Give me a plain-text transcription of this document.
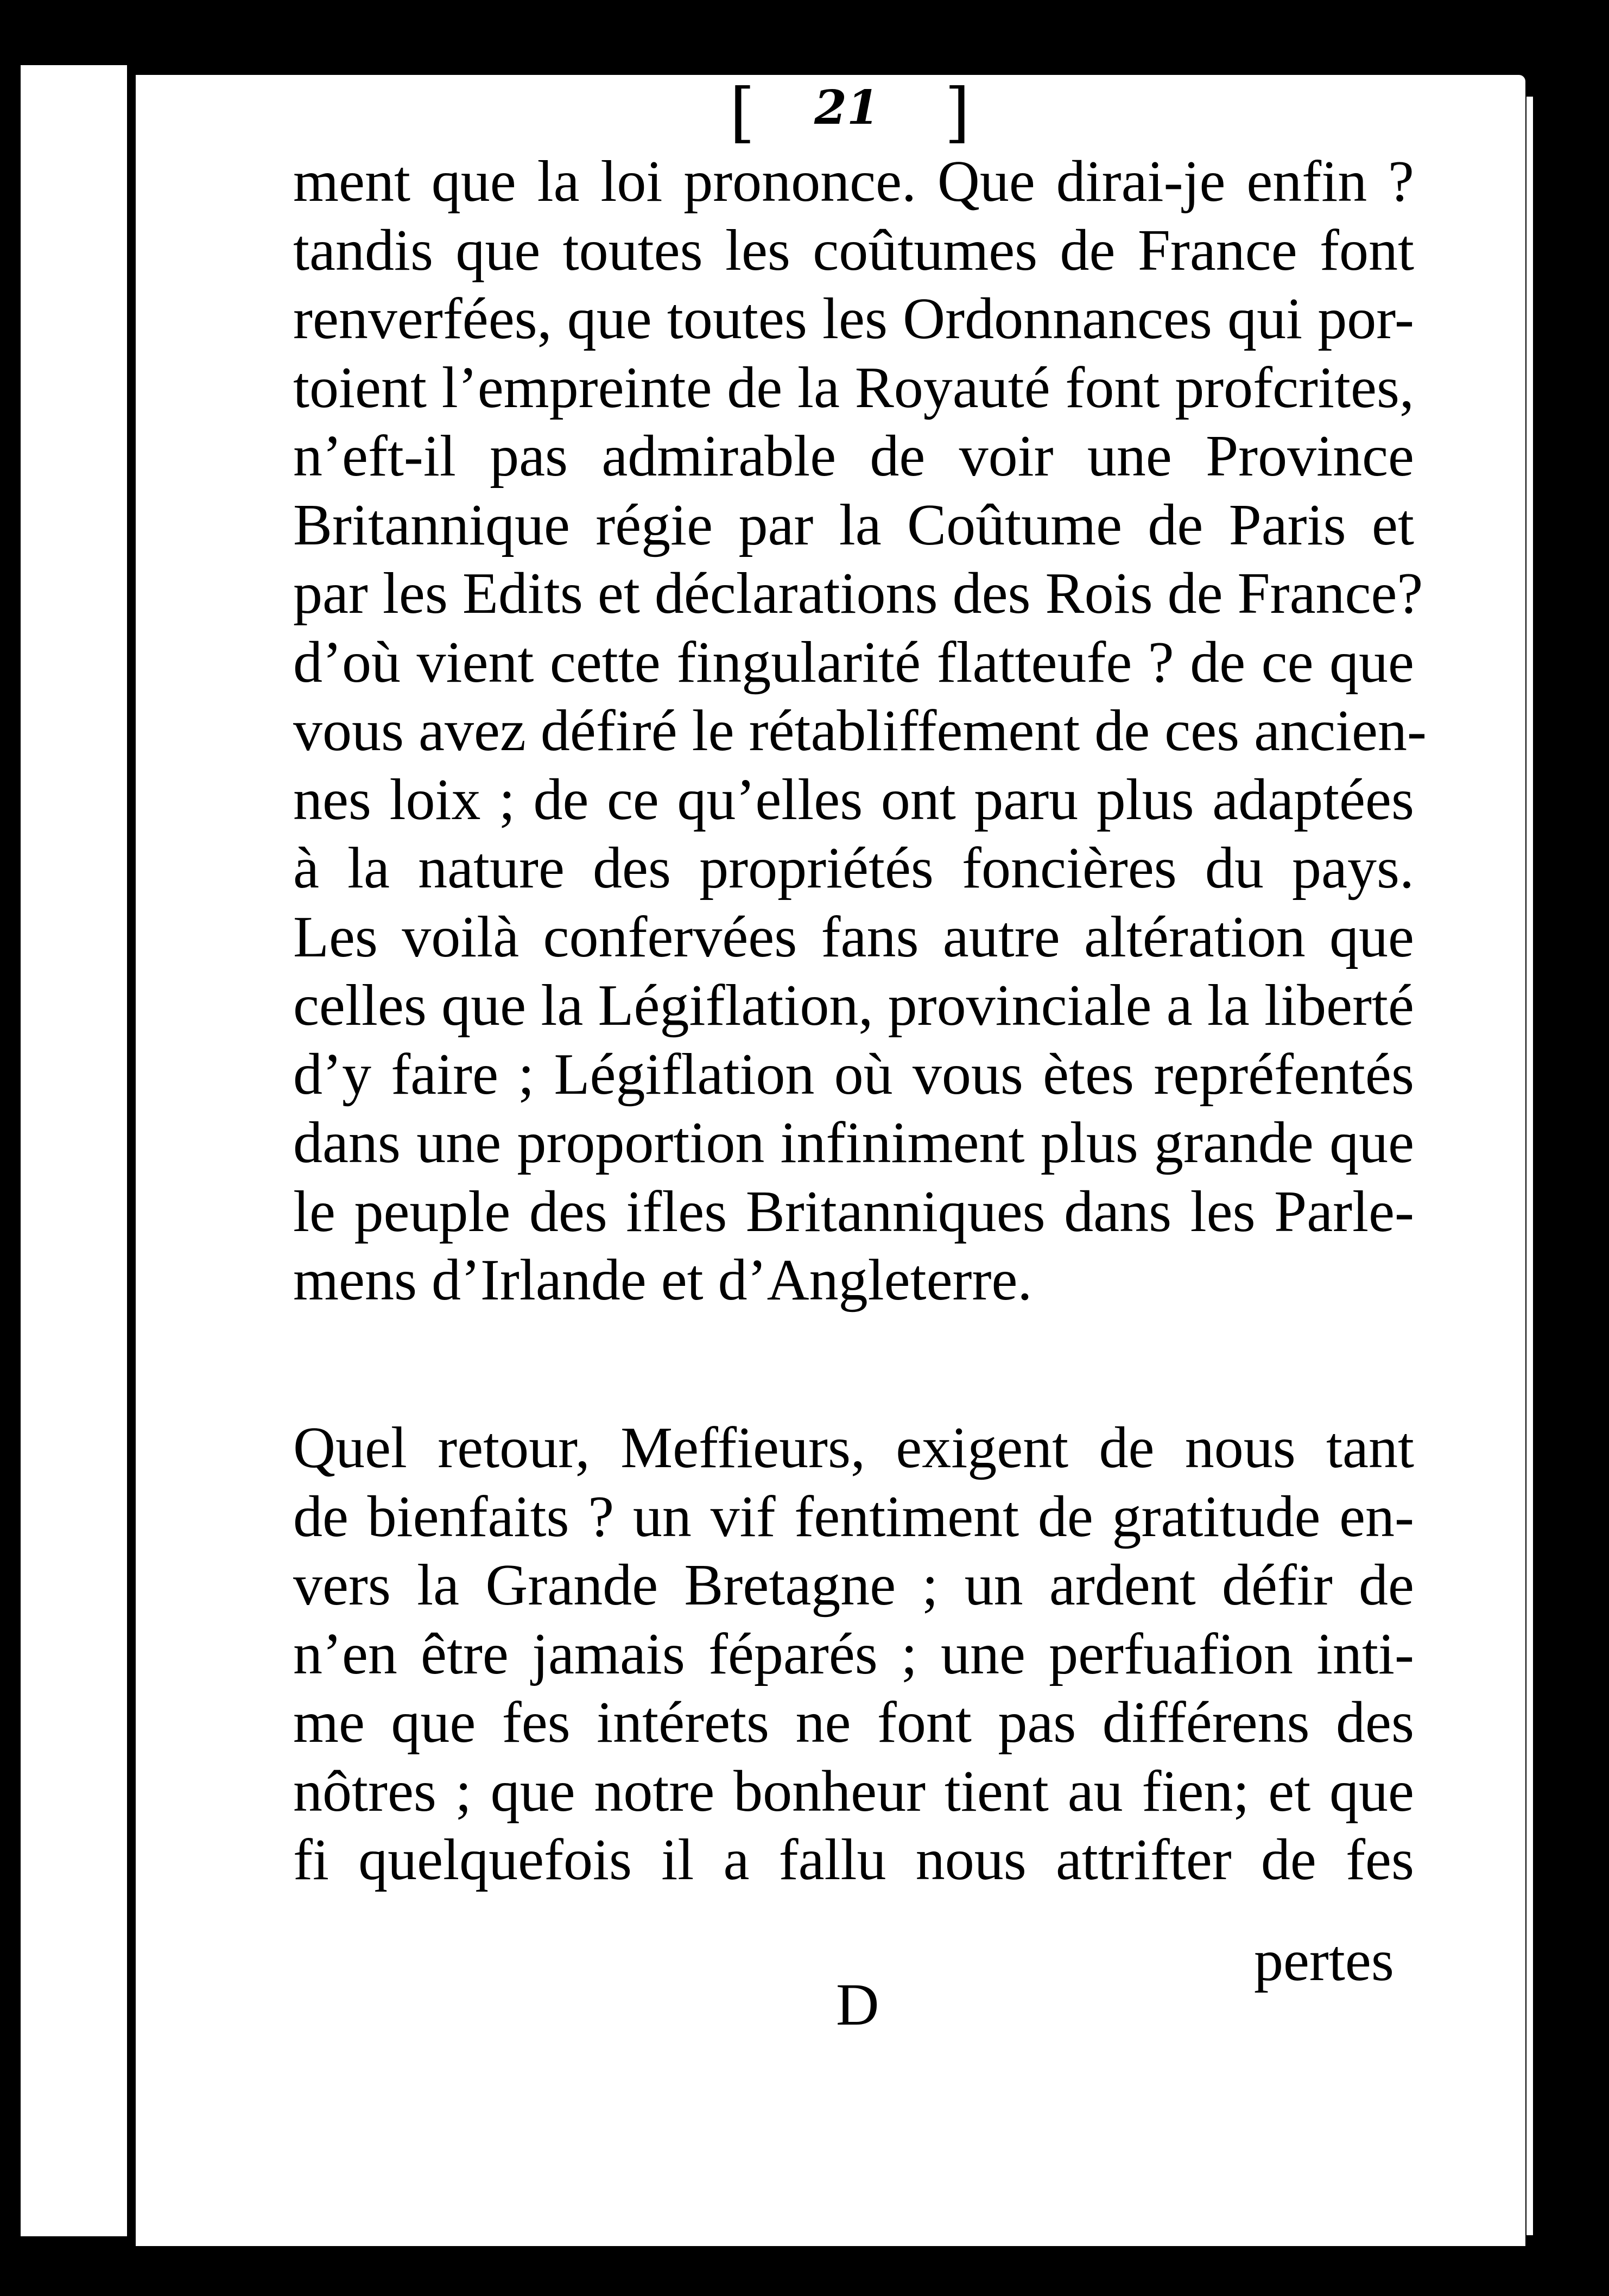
[ 21 ]
ment que la loi prononce. Que dirai-je enfin ?
tandis que toutes les coûtumes de France font
renverfées, que toutes les Ordonnances qui por-
toient l’empreinte de la Royauté font profcrites,
n’eft-il pas admirable de voir une Province
Britannique régie par la Coûtume de Paris et
par les Edits et déclarations des Rois de France?
d’où vient cette fingularité flatteufe ? de ce que
vous avez défiré le rétabliffement de ces ancien-
nes loix ; de ce qu’elles ont paru plus adaptées
à la nature des propriétés foncières du pays.
Les voilà confervées fans autre altération que
celles que la Légiflation, provinciale a la liberté
d’y faire ; Légiflation où vous ètes repréfentés
dans une proportion infiniment plus grande que
le peuple des ifles Britanniques dans les Parle-
mens d’Irlande et d’Angleterre.
Quel retour, Meffieurs, exigent de nous tant
de bienfaits ? un vif fentiment de gratitude en-
vers la Grande Bretagne ; un ardent défir de
n’en être jamais féparés ; une perfuafion inti-
me que fes intérets ne font pas différens des
nôtres ; que notre bonheur tient au fien; et que
fi quelquefois il a fallu nous attrifter de fes
pertes
D
